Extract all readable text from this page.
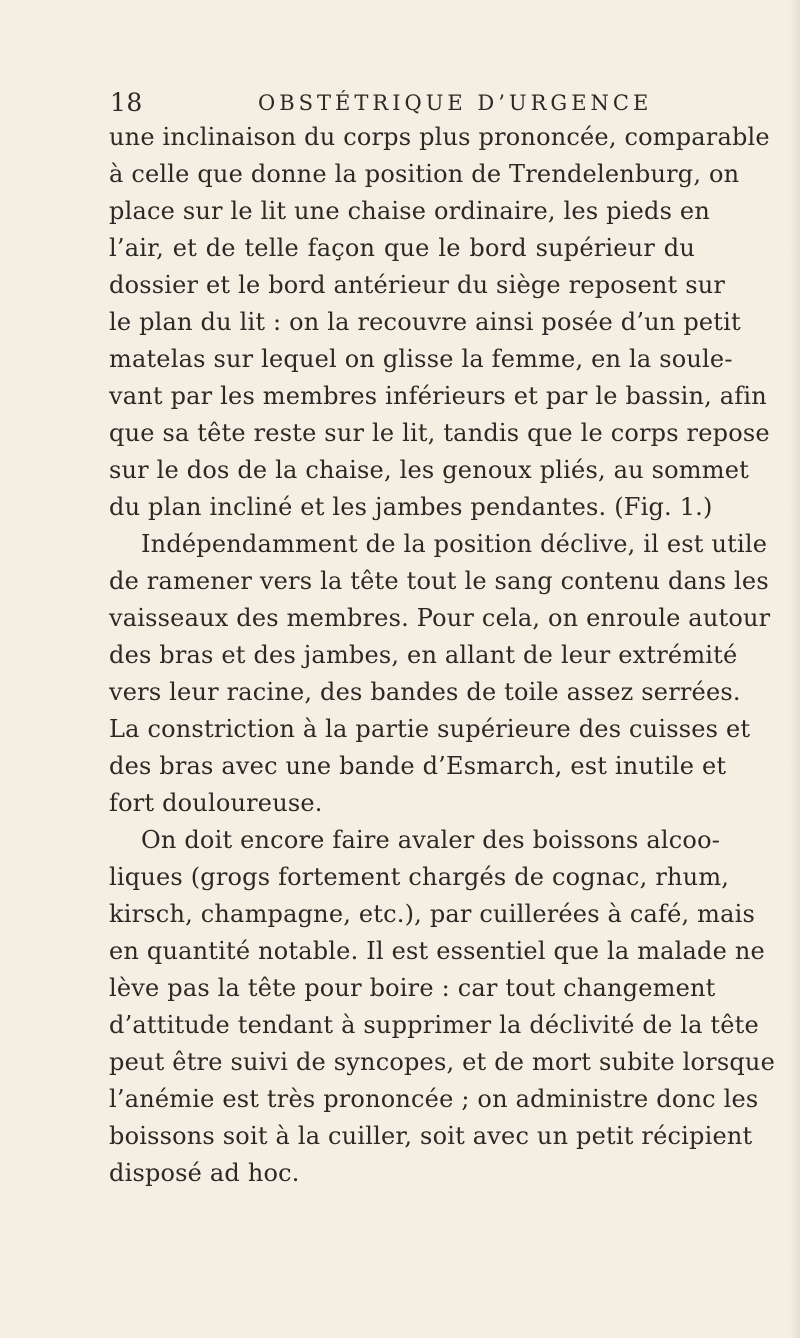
18	OBSTÉTRIQUE D’URGENCE
une inclinaison du corps plus prononcée, comparable
à celle que donne la position de Trendelenburg, on
place sur le lit une chaise ordinaire, les pieds en
l’air, et de telle façon que le bord supérieur du
dossier et le bord antérieur du siège reposent sur
le plan du lit : on la recouvre ainsi posée d’un petit
matelas sur lequel on glisse la femme, en la soule-
vant par les membres inférieurs et par le bassin, afin
que sa tête reste sur le lit, tandis que le corps repose
sur le dos de la chaise, les genoux pliés, au sommet
du plan incliné et les jambes pendantes. (Fig. 1.)
Indépendamment de la position déclive, il est utile
de ramener vers la tête tout le sang contenu dans les
vaisseaux des membres. Pour cela, on enroule autour
des bras et des jambes, en allant de leur extrémité
vers leur racine, des bandes de toile assez serrées.
La constriction à la partie supérieure des cuisses et
des bras avec une bande d’Esmarch, est inutile et
fort douloureuse.
On doit encore faire avaler des boissons alcoo-
liques (grogs fortement chargés de cognac, rhum,
kirsch, champagne, etc.), par cuillerées à café, mais
en quantité notable. Il est essentiel que la malade ne
lève pas la tête pour boire : car tout changement
d’attitude tendant à supprimer la déclivité de la tête
peut être suivi de syncopes, et de mort subite lorsque
l’anémie est très prononcée ; on administre donc les
boissons soit à la cuiller, soit avec un petit récipient
disposé ad hoc.
